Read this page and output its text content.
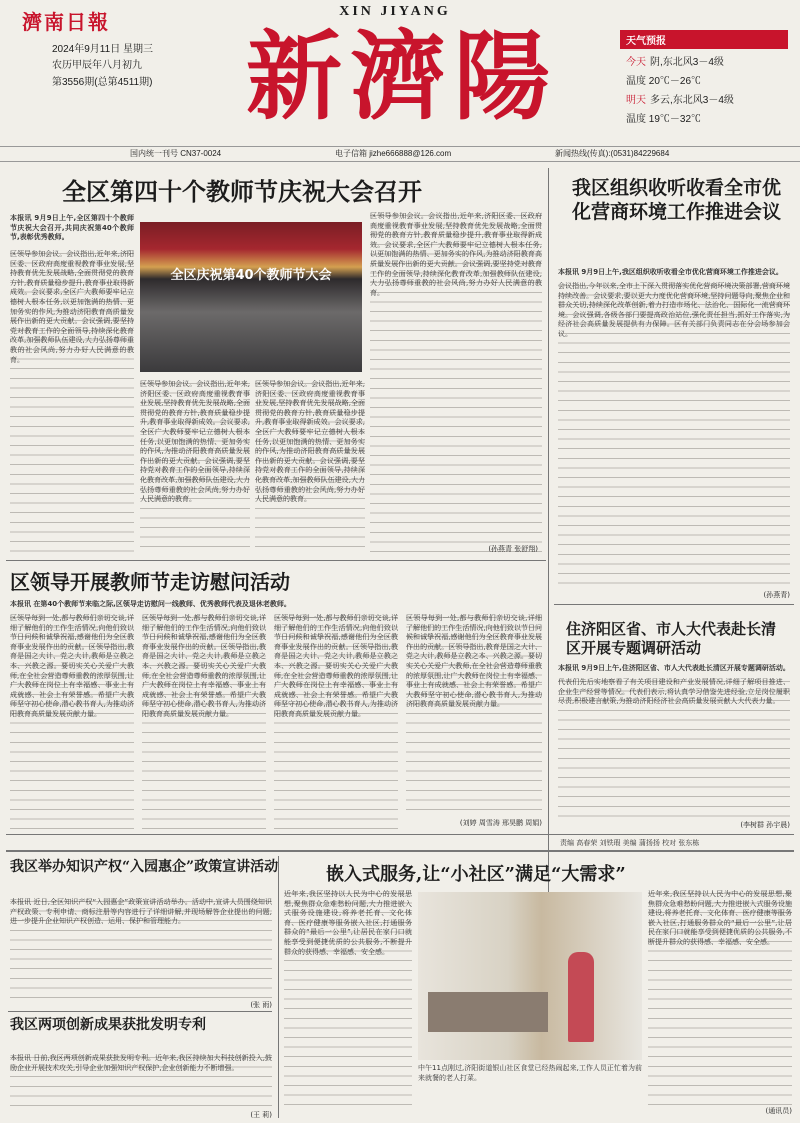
濟南日報
2024年9月11日 星期三
农历甲辰年八月初九
第3556期(总第4511期)
XIN JIYANG
新濟陽	天气预报
今天 阴,东北风3－4级
温度 20℃－26℃
明天 多云,东北风3－4级
温度 19℃－32℃
国内统一刊号 CN37-0024	电子信箱 jizhe666888@126.com	新闻热线(传真):(0531)84229684
全区第四十个教师节庆祝大会召开
全区庆祝第40个教师节大会
本报讯 9月9日上午,全区第四十个教师节庆祝大会召开,共同庆祝第40个教师节,表彰优秀教师。
区领导参加会议。会议指出,近年来,济阳区委、区政府高度重视教育事业发展,坚持教育优先发展战略,全面贯彻党的教育方针,教育质量稳步提升,教育事业取得新成效。会议要求,全区广大教师要牢记立德树人根本任务,以更加饱满的热情、更加务实的作风,为推动济阳教育高质量发展作出新的更大贡献。会议强调,要坚持党对教育工作的全面领导,持续深化教育改革,加强教师队伍建设,大力弘扬尊师重教的社会风尚,努力办好人民满意的教育。
区领导参加会议。会议指出,近年来,济阳区委、区政府高度重视教育事业发展,坚持教育优先发展战略,全面贯彻党的教育方针,教育质量稳步提升,教育事业取得新成效。会议要求,全区广大教师要牢记立德树人根本任务,以更加饱满的热情、更加务实的作风,为推动济阳教育高质量发展作出新的更大贡献。会议强调,要坚持党对教育工作的全面领导,持续深化教育改革,加强教师队伍建设,大力弘扬尊师重教的社会风尚,努力办好人民满意的教育。
区领导参加会议。会议指出,近年来,济阳区委、区政府高度重视教育事业发展,坚持教育优先发展战略,全面贯彻党的教育方针,教育质量稳步提升,教育事业取得新成效。会议要求,全区广大教师要牢记立德树人根本任务,以更加饱满的热情、更加务实的作风,为推动济阳教育高质量发展作出新的更大贡献。会议强调,要坚持党对教育工作的全面领导,持续深化教育改革,加强教师队伍建设,大力弘扬尊师重教的社会风尚,努力办好人民满意的教育。
区领导参加会议。会议指出,近年来,济阳区委、区政府高度重视教育事业发展,坚持教育优先发展战略,全面贯彻党的教育方针,教育质量稳步提升,教育事业取得新成效。会议要求,全区广大教师要牢记立德树人根本任务,以更加饱满的热情、更加务实的作风,为推动济阳教育高质量发展作出新的更大贡献。会议强调,要坚持党对教育工作的全面领导,持续深化教育改革,加强教师队伍建设,大力弘扬尊师重教的社会风尚,努力办好人民满意的教育。
(孙燕青 张舒翔)
我区组织收听收看全市优化营商环境工作推进会议
本报讯 9月9日上午,我区组织收听收看全市优化营商环境工作推进会议。
会议指出,今年以来,全市上下深入贯彻落实优化营商环境决策部署,营商环境持续改善。会议要求,要以更大力度优化营商环境,坚持问题导向,聚焦企业和群众关切,持续深化改革创新,着力打造市场化、法治化、国际化一流营商环境。会议强调,各级各部门要提高政治站位,强化责任担当,抓好工作落实,为经济社会高质量发展提供有力保障。区有关部门负责同志在分会场参加会议。
(孙燕青)
区领导开展教师节走访慰问活动
本报讯 在第40个教师节来临之际,区领导走访慰问一线教师、优秀教师代表及退休老教师。
区领导每到一处,都与教师们亲切交谈,详细了解他们的工作生活情况,向他们致以节日问候和诚挚祝福,感谢他们为全区教育事业发展作出的贡献。区领导指出,教育是国之大计、党之大计,教师是立教之本、兴教之源。要切实关心关爱广大教师,在全社会营造尊师重教的浓厚氛围,让广大教师在岗位上有幸福感、事业上有成就感、社会上有荣誉感。希望广大教师坚守初心使命,潜心教书育人,为推动济阳教育高质量发展贡献力量。
区领导每到一处,都与教师们亲切交谈,详细了解他们的工作生活情况,向他们致以节日问候和诚挚祝福,感谢他们为全区教育事业发展作出的贡献。区领导指出,教育是国之大计、党之大计,教师是立教之本、兴教之源。要切实关心关爱广大教师,在全社会营造尊师重教的浓厚氛围,让广大教师在岗位上有幸福感、事业上有成就感、社会上有荣誉感。希望广大教师坚守初心使命,潜心教书育人,为推动济阳教育高质量发展贡献力量。
区领导每到一处,都与教师们亲切交谈,详细了解他们的工作生活情况,向他们致以节日问候和诚挚祝福,感谢他们为全区教育事业发展作出的贡献。区领导指出,教育是国之大计、党之大计,教师是立教之本、兴教之源。要切实关心关爱广大教师,在全社会营造尊师重教的浓厚氛围,让广大教师在岗位上有幸福感、事业上有成就感、社会上有荣誉感。希望广大教师坚守初心使命,潜心教书育人,为推动济阳教育高质量发展贡献力量。
区领导每到一处,都与教师们亲切交谈,详细了解他们的工作生活情况,向他们致以节日问候和诚挚祝福,感谢他们为全区教育事业发展作出的贡献。区领导指出,教育是国之大计、党之大计,教师是立教之本、兴教之源。要切实关心关爱广大教师,在全社会营造尊师重教的浓厚氛围,让广大教师在岗位上有幸福感、事业上有成就感、社会上有荣誉感。希望广大教师坚守初心使命,潜心教书育人,为推动济阳教育高质量发展贡献力量。
(刘婷 周雪涛 邢昊鹏 周娟)
住济阳区省、市人大代表赴长清区开展专题调研活动
本报讯 9月9日上午,住济阳区省、市人大代表赴长清区开展专题调研活动。
代表们先后实地察看了有关项目建设和产业发展情况,详细了解项目推进、企业生产经营等情况。代表们表示,将认真学习借鉴先进经验,立足岗位履职尽责,积极建言献策,为推动济阳经济社会高质量发展贡献人大代表力量。
(李树群 孙宇晨)
责编 高春荣 刘铁瑕 美编 蒲扬扬 校对 张东栋
我区举办知识产权“入园惠企”政策宣讲活动
本报讯 近日,全区知识产权“入园惠企”政策宣讲活动举办。活动中,宣讲人员围绕知识产权政策、专利申请、商标注册等内容进行了详细讲解,并现场解答企业提出的问题,进一步提升企业知识产权创造、运用、保护和管理能力。
(张 雨)
我区两项创新成果获批发明专利
本报讯 日前,我区两项创新成果获批发明专利。近年来,我区持续加大科技创新投入,鼓励企业开展技术攻关,引导企业加强知识产权保护,企业创新能力不断增强。
(王 莉)
嵌入式服务,让“小社区”满足“大需求”
近年来,我区坚持以人民为中心的发展思想,聚焦群众急难愁盼问题,大力推进嵌入式服务设施建设,将养老托育、文化体育、医疗健康等服务嵌入社区,打通服务群众的“最后一公里”,让居民在家门口就能享受到便捷优质的公共服务,不断提升群众的获得感、幸福感、安全感。
中午11点刚过,济阳街道银山社区食堂已经热闹起来,工作人员正忙着为前来就餐的老人打菜。
近年来,我区坚持以人民为中心的发展思想,聚焦群众急难愁盼问题,大力推进嵌入式服务设施建设,将养老托育、文化体育、医疗健康等服务嵌入社区,打通服务群众的“最后一公里”,让居民在家门口就能享受到便捷优质的公共服务,不断提升群众的获得感、幸福感、安全感。
(通讯员)
